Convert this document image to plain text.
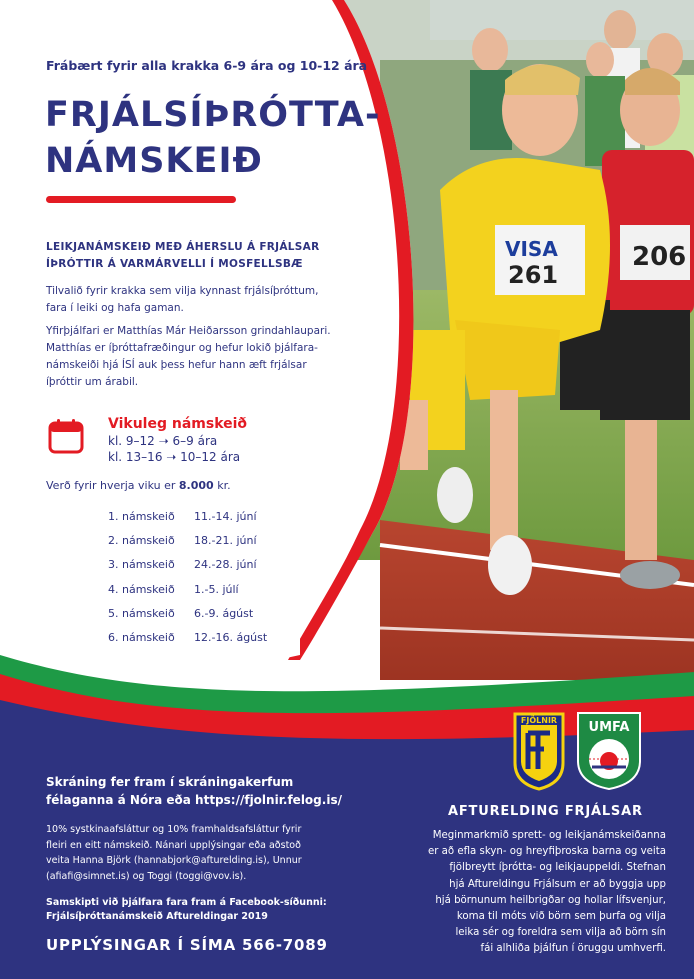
206
VISA
261
Frábært fyrir alla krakka 6-9 ára og 10-12 ára
FRJÁLSÍÞRÓTTA-
NÁMSKEIÐ
LEIKJANÁMSKEIÐ MEÐ ÁHERSLU Á FRJÁLSAR
ÍÞRÓTTIR Á VARMÁRVELLI Í MOSFELLSBÆ
Tilvalið fyrir krakka sem vilja kynnast frjálsíþróttum,
fara í leiki og hafa gaman.
Yfirþjálfari er Matthías Már Heiðarsson grindahlaupari.
Matthías er íþróttafræðingur og hefur lokið þjálfara-
námskeiði hjá ÍSÍ auk þess hefur hann æft frjálsar
íþróttir um árabil.
Vikuleg námskeið
kl. 9–12 ➝ 6–9 ára
kl. 13–16 ➝ 10–12 ára
Verð fyrir hverja viku er 8.000 kr.
1. námskeið	11.-14. júní
2. námskeið	18.-21. júní
3. námskeið	24.-28. júní
4. námskeið	1.-5. júlí
5. námskeið	6.-9. ágúst
6. námskeið	12.-16. ágúst
FJÖLNIR UMFA
Skráning fer fram í skráningakerfum
félaganna á Nóra eða https://fjolnir.felog.is/
10% systkinaafsláttur og 10% framhaldsafsláttur fyrir
fleiri en eitt námskeið. Nánari upplýsingar eða aðstoð
veita Hanna Björk (hannabjork@afturelding.is), Unnur
(afiafi@simnet.is) og Toggi (toggi@vov.is).
Samskipti við þjálfara fara fram á Facebook-síðunni:
Frjálsíþróttanámskeið Aftureldingar 2019
UPPLÝSINGAR Í SÍMA 566-7089
AFTURELDING FRJÁLSAR
Meginmarkmið sprett- og leikjanámskeiðanna
er að efla skyn- og hreyfiþroska barna og veita
fjölbreytt íþrótta- og leikjauppeldi. Stefnan
hjá Aftureldingu Frjálsum er að byggja upp
hjá börnunum heilbrigðar og hollar lífsvenjur,
koma til móts við börn sem þurfa og vilja
leika sér og foreldra sem vilja að börn sín
fái alhliða þjálfun í öruggu umhverfi.
